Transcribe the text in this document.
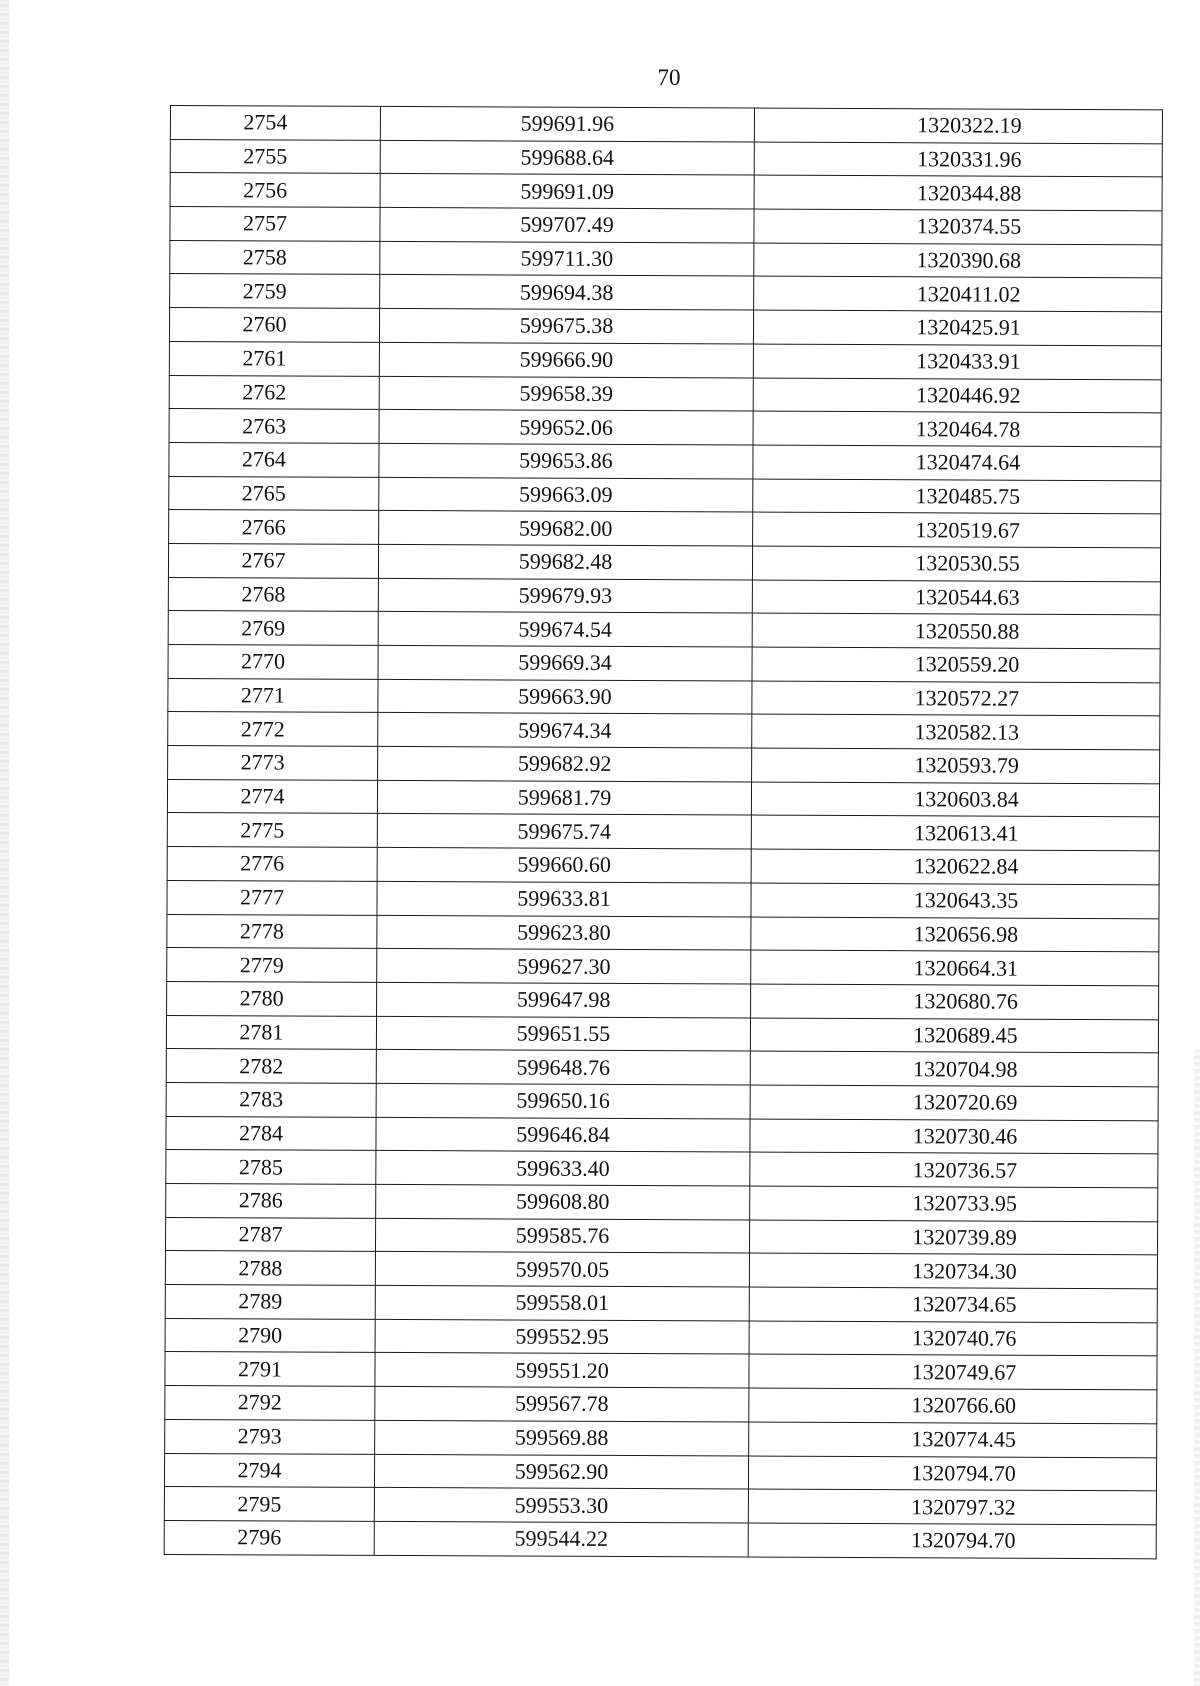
70
2754	599691.96	1320322.19
2755	599688.64	1320331.96
2756	599691.09	1320344.88
2757	599707.49	1320374.55
2758	599711.30	1320390.68
2759	599694.38	1320411.02
2760	599675.38	1320425.91
2761	599666.90	1320433.91
2762	599658.39	1320446.92
2763	599652.06	1320464.78
2764	599653.86	1320474.64
2765	599663.09	1320485.75
2766	599682.00	1320519.67
2767	599682.48	1320530.55
2768	599679.93	1320544.63
2769	599674.54	1320550.88
2770	599669.34	1320559.20
2771	599663.90	1320572.27
2772	599674.34	1320582.13
2773	599682.92	1320593.79
2774	599681.79	1320603.84
2775	599675.74	1320613.41
2776	599660.60	1320622.84
2777	599633.81	1320643.35
2778	599623.80	1320656.98
2779	599627.30	1320664.31
2780	599647.98	1320680.76
2781	599651.55	1320689.45
2782	599648.76	1320704.98
2783	599650.16	1320720.69
2784	599646.84	1320730.46
2785	599633.40	1320736.57
2786	599608.80	1320733.95
2787	599585.76	1320739.89
2788	599570.05	1320734.30
2789	599558.01	1320734.65
2790	599552.95	1320740.76
2791	599551.20	1320749.67
2792	599567.78	1320766.60
2793	599569.88	1320774.45
2794	599562.90	1320794.70
2795	599553.30	1320797.32
2796	599544.22	1320794.70
